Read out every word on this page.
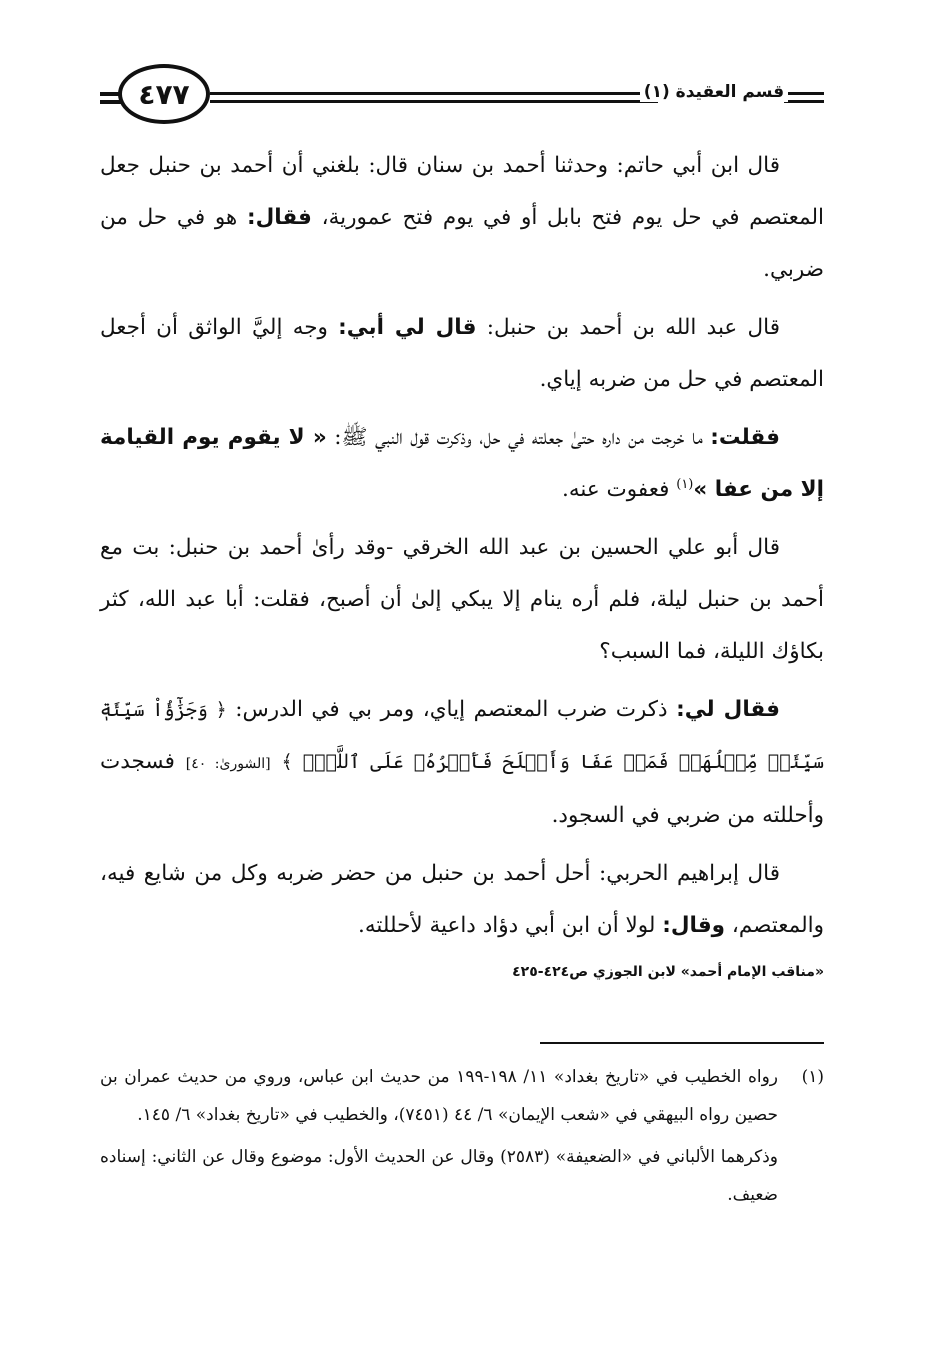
٤٧٧	قسم العقيدة (١)

قال ابن أبي حاتم: وحدثنا أحمد بن سنان قال: بلغني أن أحمد بن حنبل جعل المعتصم في حل يوم فتح بابل أو في يوم فتح عمورية، فقال: هو في حل من ضربي.

قال عبد الله بن أحمد بن حنبل: قال لي أبي: وجه إليَّ الواثق أن أجعل المعتصم في حل من ضربه إياي.

فقلت: ما خرجت من داره حتىٰ جعلته في حل، وذكرت قول النبي ﷺ: « لا يقوم يوم القيامة إلا من عفا »$^{(١)}$ فعفوت عنه.

قال أبو علي الحسين بن عبد الله الخرقي -وقد رأىٰ أحمد بن حنبل: بت مع أحمد بن حنبل ليلة، فلم أره ينام إلا يبكي إلىٰ أن أصبح، فقلت: أبا عبد الله، كثر بكاؤك الليلة، فما السبب؟

فقال لي: ذكرت ضرب المعتصم إياي، ومر بي في الدرس: ﴿ وَجَزَٰٓؤُاْ سَيِّئَةٖ سَيِّئَةٞ مِّثۡلُهَاۖ فَمَنۡ عَفَا وَأَصۡلَحَ فَأَجۡرُهُۥ عَلَى ٱللَّهِۚ ﴾ [الشورىٰ: ٤٠] فسجدت وأحللته من ضربي في السجود.

قال إبراهيم الحربي: أحل أحمد بن حنبل من حضر ضربه وكل من شايع فيه، والمعتصم، وقال: لولا أن ابن أبي دؤاد داعية لأحللته.

«مناقب الإمام أحمد» لابن الجوزي ص٤٢٤-٤٢٥
(١)
رواه الخطيب في «تاريخ بغداد» ١١/ ١٩٨-١٩٩ من حديث ابن عباس، وروي من حديث عمران بن حصين رواه البيهقي في «شعب الإيمان» ٦/ ٤٤ (٧٤٥١)، والخطيب في «تاريخ بغداد» ٦/ ١٤٥.
وذكرهما الألباني في «الضعيفة» (٢٥٨٣) وقال عن الحديث الأول: موضوع وقال عن الثاني: إسناده ضعيف.
